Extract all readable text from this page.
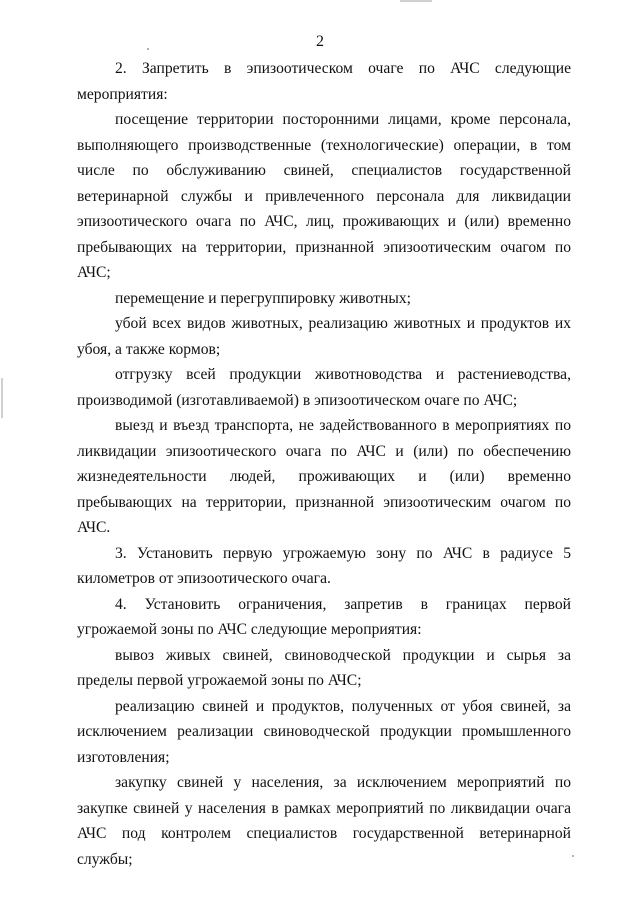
2

2. Запретить в эпизоотическом очаге по АЧС следующие мероприятия:

посещение территории посторонними лицами, кроме персонала, выполняющего производственные (технологические) операции, в том числе по обслуживанию свиней, специалистов государственной ветеринарной службы и привлеченного персонала для ликвидации эпизоотического очага по АЧС, лиц, проживающих и (или) временно пребывающих на территории, признанной эпизоотическим очагом по АЧС;

перемещение и перегруппировку животных;

убой всех видов животных, реализацию животных и продуктов их убоя, а также кормов;

отгрузку всей продукции животноводства и растениеводства, производимой (изготавливаемой) в эпизоотическом очаге по АЧС;

выезд и въезд транспорта, не задействованного в мероприятиях по ликвидации эпизоотического очага по АЧС и (или) по обеспечению жизнедеятельности людей, проживающих и (или) временно пребывающих на территории, признанной эпизоотическим очагом по АЧС.

3. Установить первую угрожаемую зону по АЧС в радиусе 5 километров от эпизоотического очага.

4. Установить ограничения, запретив в границах первой угрожаемой зоны по АЧС следующие мероприятия:

вывоз живых свиней, свиноводческой продукции и сырья за пределы первой угрожаемой зоны по АЧС;

реализацию свиней и продуктов, полученных от убоя свиней, за исключением реализации свиноводческой продукции промышленного изготовления;

закупку свиней у населения, за исключением мероприятий по закупке свиней у населения в рамках мероприятий по ликвидации очага АЧС под контролем специалистов государственной ветеринарной службы;
